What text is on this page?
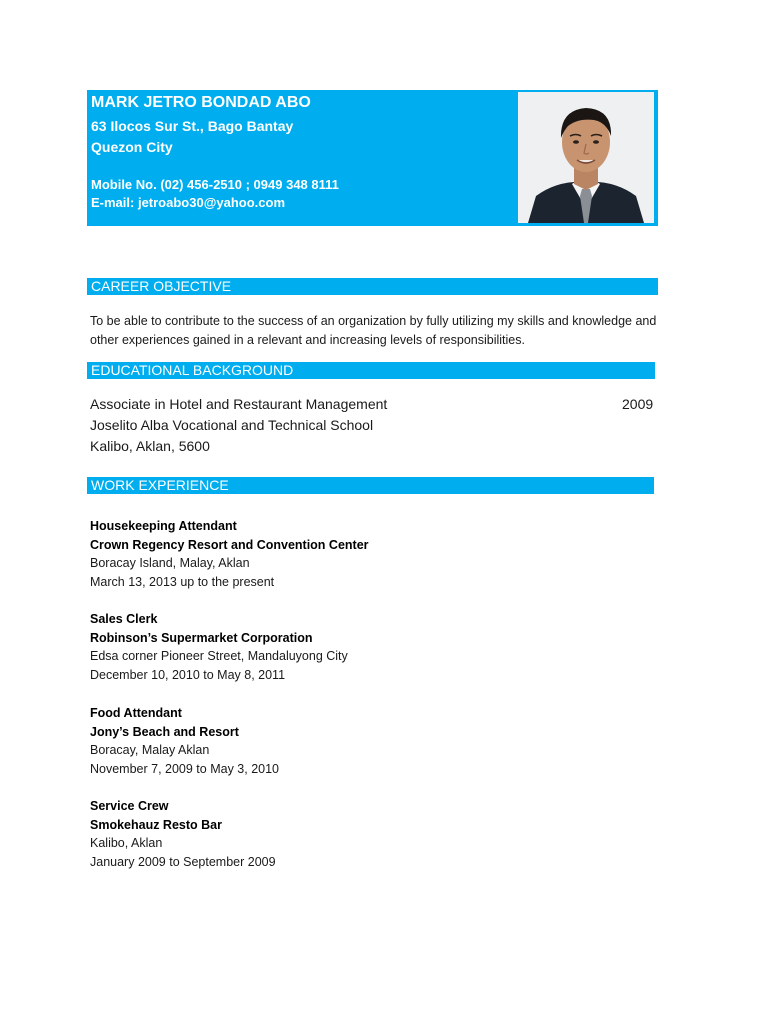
MARK JETRO BONDAD ABO
63 Ilocos Sur St., Bago Bantay
Quezon City
Mobile No. (02) 456-2510 ; 0949 348 8111
E-mail: jetroabo30@yahoo.com
CAREER OBJECTIVE
To be able to contribute to the success of an organization by fully utilizing my skills and knowledge and other experiences gained in a relevant and increasing levels of responsibilities.
EDUCATIONAL BACKGROUND
Associate in Hotel and Restaurant Management	2009
Joselito Alba Vocational and Technical School
Kalibo, Aklan, 5600
WORK EXPERIENCE
Housekeeping Attendant
Crown Regency Resort and Convention Center
Boracay Island, Malay, Aklan
March 13, 2013 up to the present
Sales Clerk
Robinson’s Supermarket Corporation
Edsa corner Pioneer Street, Mandaluyong City
December 10, 2010 to May 8, 2011
Food Attendant
Jony’s Beach and Resort
Boracay, Malay Aklan
November 7, 2009 to May 3, 2010
Service Crew
Smokehauz Resto Bar
Kalibo, Aklan
January 2009 to September 2009
